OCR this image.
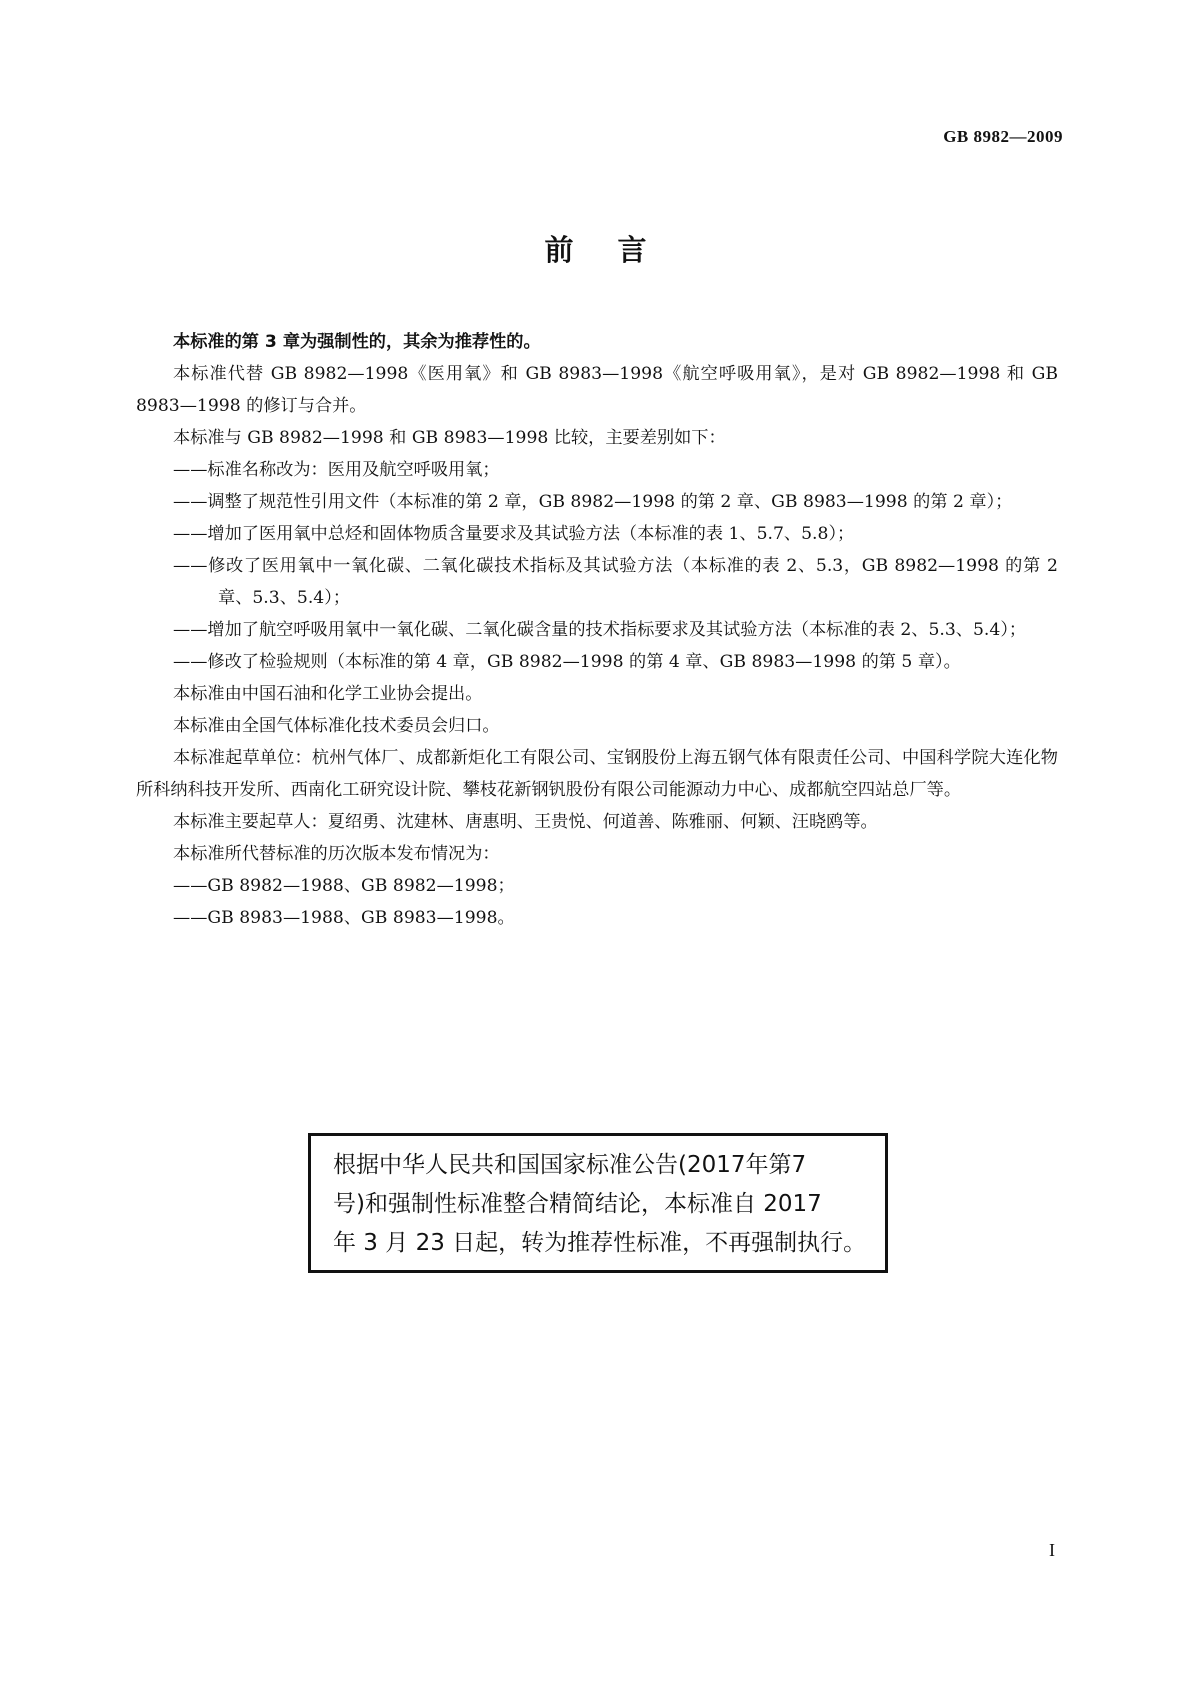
GB 8982—2009
前言

本标准的第 3 章为强制性的，其余为推荐性的。

本标准代替 GB 8982—1998《医用氧》和 GB 8983—1998《航空呼吸用氧》，是对 GB 8982—1998 和 GB 8983—1998 的修订与合并。

本标准与 GB 8982—1998 和 GB 8983—1998 比较，主要差别如下：

——标准名称改为：医用及航空呼吸用氧；

——调整了规范性引用文件（本标准的第 2 章，GB 8982—1998 的第 2 章、GB 8983—1998 的第 2 章）；

——增加了医用氧中总烃和固体物质含量要求及其试验方法（本标准的表 1、5.7、5.8）；

——修改了医用氧中一氧化碳、二氧化碳技术指标及其试验方法（本标准的表 2、5.3，GB 8982—1998 的第 2 章、5.3、5.4）；

——增加了航空呼吸用氧中一氧化碳、二氧化碳含量的技术指标要求及其试验方法（本标准的表 2、5.3、5.4）；

——修改了检验规则（本标准的第 4 章，GB 8982—1998 的第 4 章、GB 8983—1998 的第 5 章）。

本标准由中国石油和化学工业协会提出。

本标准由全国气体标准化技术委员会归口。

本标准起草单位：杭州气体厂、成都新炬化工有限公司、宝钢股份上海五钢气体有限责任公司、中国科学院大连化物所科纳科技开发所、西南化工研究设计院、攀枝花新钢钒股份有限公司能源动力中心、成都航空四站总厂等。

本标准主要起草人：夏绍勇、沈建林、唐惠明、王贵悦、何道善、陈雅丽、何颖、汪晓鸥等。

本标准所代替标准的历次版本发布情况为：

——GB 8982—1988、GB 8982—1998；

——GB 8983—1988、GB 8983—1998。

根据中华人民共和国国家标准公告(2017年第7
号)和强制性标准整合精简结论，本标准自 2017
年 3 月 23 日起，转为推荐性标准，不再强制执行。
I
